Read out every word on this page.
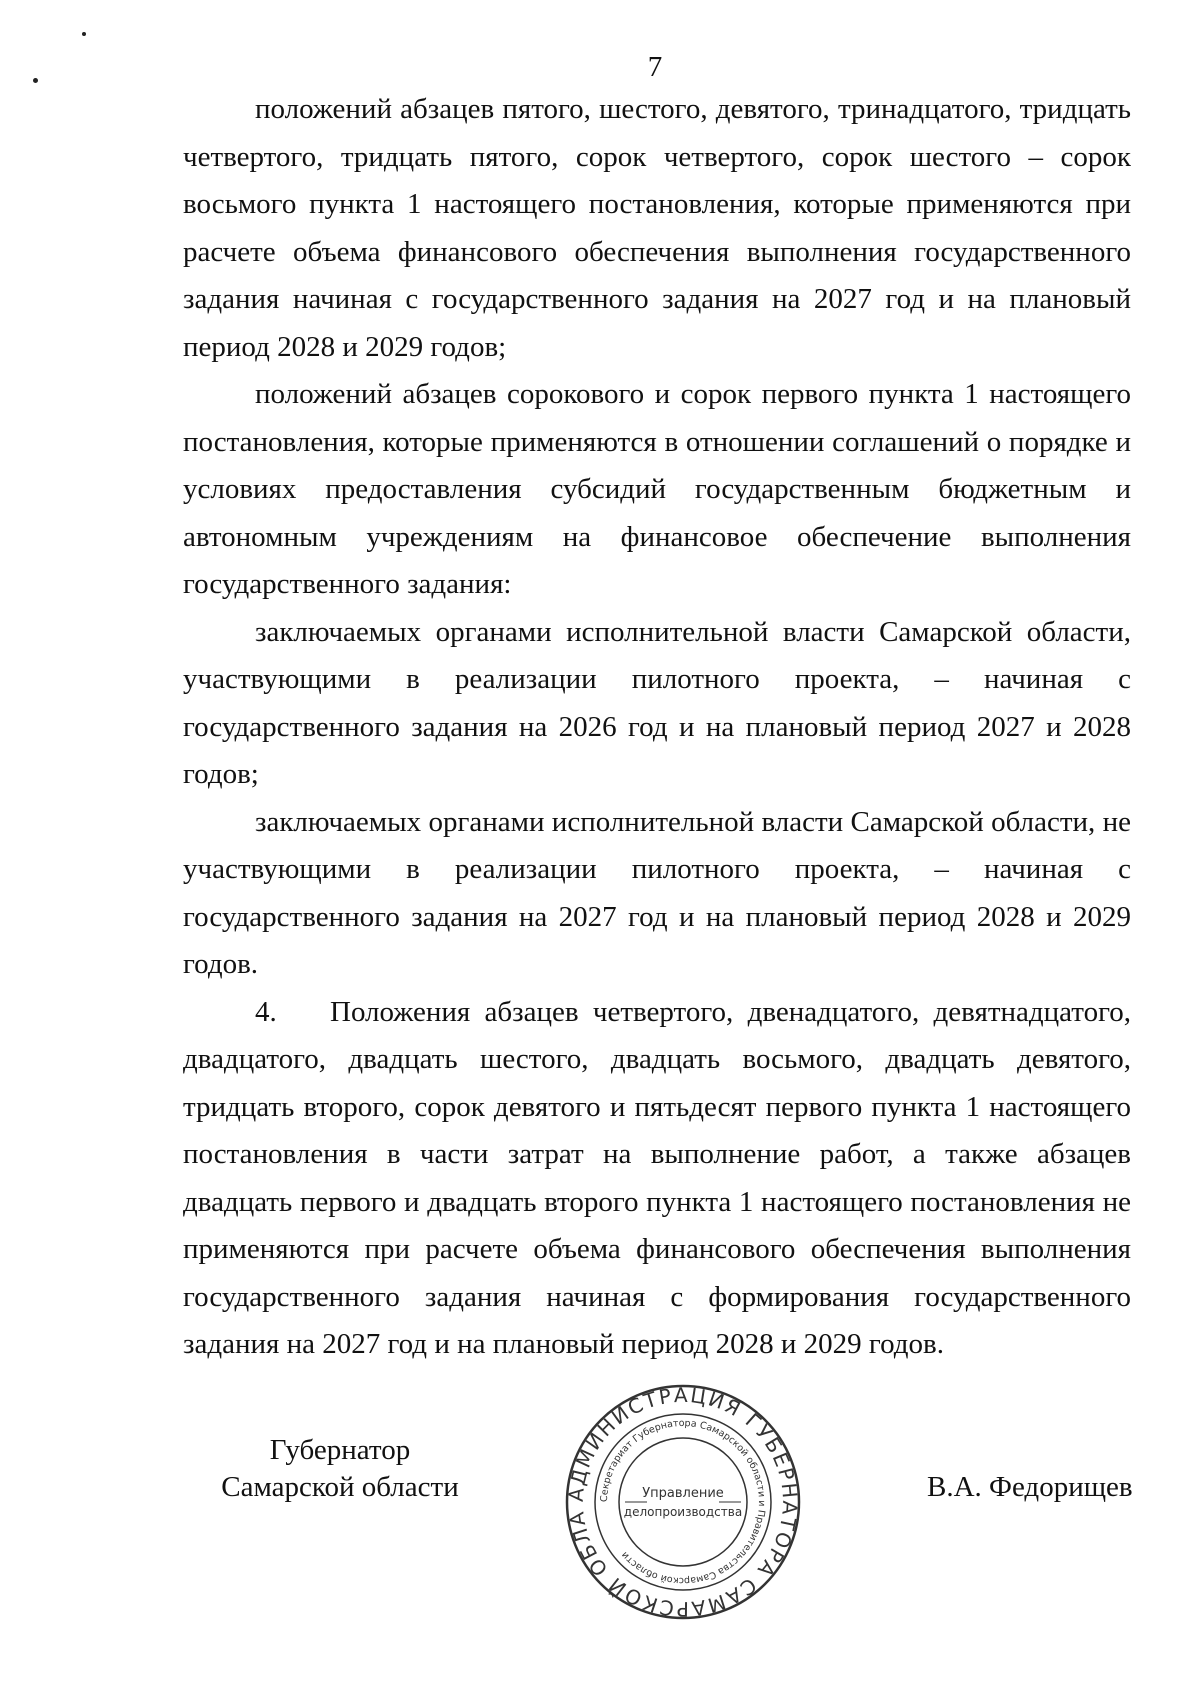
7

положений абзацев пятого, шестого, девятого, тринадцатого, тридцать четвертого, тридцать пятого, сорок четвертого, сорок шестого – сорок восьмого пункта 1 настоящего постановления, которые применяются при расчете объема финансового обеспечения выполнения государственного задания начиная с государственного задания на 2027 год и на плановый период 2028 и 2029 годов;

положений абзацев сорокового и сорок первого пункта 1 настоящего постановления, которые применяются в отношении соглашений о порядке и условиях предоставления субсидий государственным бюджетным и автономным учреждениям на финансовое обеспечение выполнения государственного задания:

заключаемых органами исполнительной власти Самарской области, участвующими в реализации пилотного проекта, – начиная с государственного задания на 2026 год и на плановый период 2027 и 2028 годов;

заключаемых органами исполнительной власти Самарской области, не участвующими в реализации пилотного проекта, – начиная с государственного задания на 2027 год и на плановый период 2028 и 2029 годов.

4. Положения абзацев четвертого, двенадцатого, девятнадцатого, двадцатого, двадцать шестого, двадцать восьмого, двадцать девятого, тридцать второго, сорок девятого и пятьдесят первого пункта 1 настоящего постановления в части затрат на выполнение работ, а также абзацев двадцать первого и двадцать второго пункта 1 настоящего постановления не применяются при расчете объема финансового обеспечения выполнения государственного задания начиная с формирования государственного задания на 2027 год и на плановый период 2028 и 2029 годов.

Губернатор
Самарской области	В.А. Федорищев
АДМИНИСТРАЦИЯ ГУБЕРНАТОРА САМАРСКОЙ ОБЛА
Секретариат Губернатора Самарской области и Правительства Самарской области
Управление
делопроизводства
